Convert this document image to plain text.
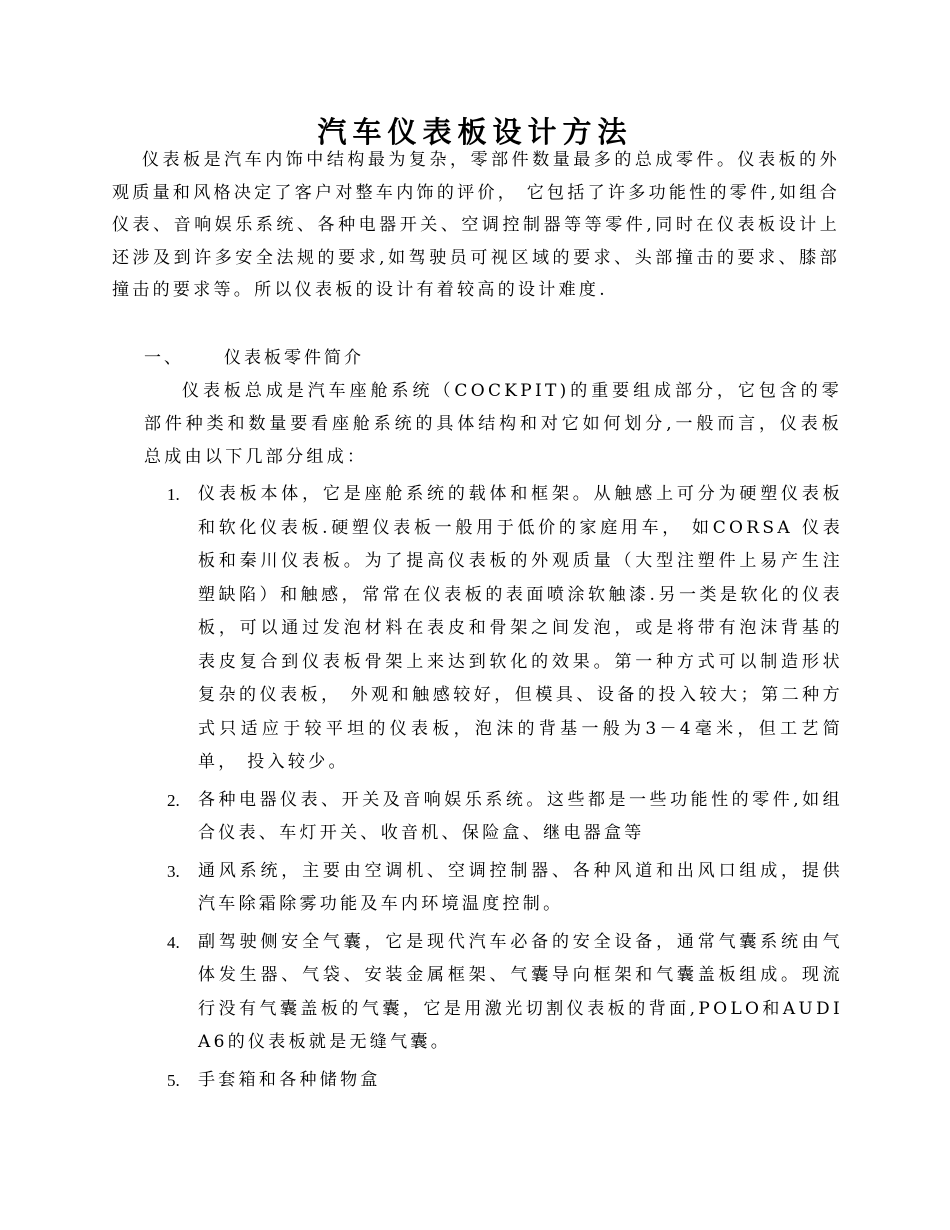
汽车仪表板设计方法

仪表板是汽车内饰中结构最为复杂，零部件数量最多的总成零件。仪表板的外观质量和风格决定了客户对整车内饰的评价， 它包括了许多功能性的零件,如组合仪表、音响娱乐系统、各种电器开关、空调控制器等等零件,同时在仪表板设计上还涉及到许多安全法规的要求,如驾驶员可视区域的要求、头部撞击的要求、膝部撞击的要求等。所以仪表板的设计有着较高的设计难度.

一、 仪表板零件简介

仪表板总成是汽车座舱系统（COCKPIT)的重要组成部分，它包含的零部件种类和数量要看座舱系统的具体结构和对它如何划分,一般而言，仪表板总成由以下几部分组成：

1. 仪表板本体，它是座舱系统的载体和框架。从触感上可分为硬塑仪表板和软化仪表板.硬塑仪表板一般用于低价的家庭用车， 如CORSA 仪表板和秦川仪表板。为了提高仪表板的外观质量（大型注塑件上易产生注塑缺陷）和触感，常常在仪表板的表面喷涂软触漆.另一类是软化的仪表板，可以通过发泡材料在表皮和骨架之间发泡，或是将带有泡沫背基的表皮复合到仪表板骨架上来达到软化的效果。第一种方式可以制造形状复杂的仪表板， 外观和触感较好，但模具、设备的投入较大；第二种方式只适应于较平坦的仪表板，泡沫的背基一般为3－4毫米，但工艺简单， 投入较少。
2. 各种电器仪表、开关及音响娱乐系统。这些都是一些功能性的零件,如组合仪表、车灯开关、收音机、保险盒、继电器盒等
3. 通风系统，主要由空调机、空调控制器、各种风道和出风口组成，提供汽车除霜除雾功能及车内环境温度控制。
4. 副驾驶侧安全气囊，它是现代汽车必备的安全设备，通常气囊系统由气体发生器、气袋、安装金属框架、气囊导向框架和气囊盖板组成。现流行没有气囊盖板的气囊，它是用激光切割仪表板的背面,POLO和AUDI A6的仪表板就是无缝气囊。
5. 手套箱和各种储物盒
